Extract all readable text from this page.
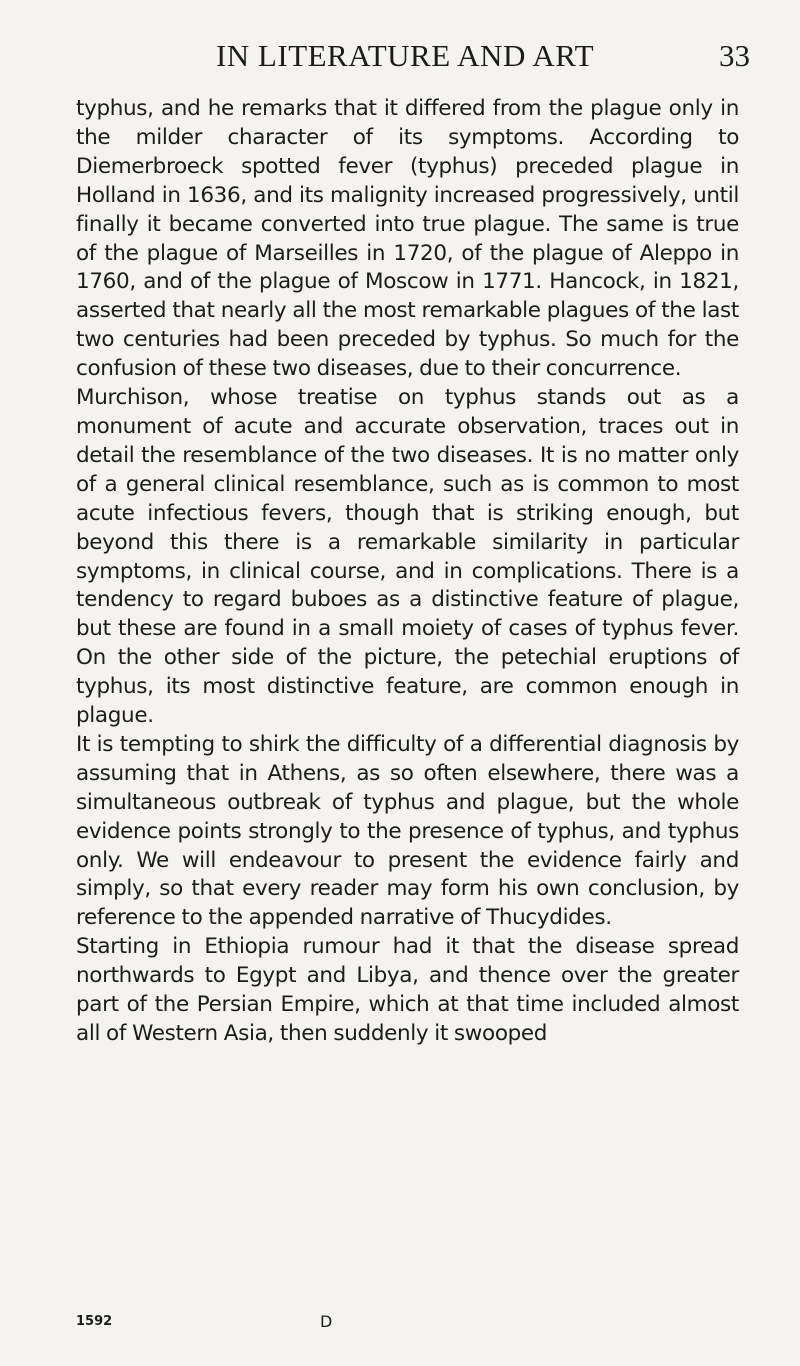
IN LITERATURE AND ART	33

typhus, and he remarks that it differed from the plague only in the milder character of its symptoms. According to Diemerbroeck spotted fever (typhus) preceded plague in Holland in 1636, and its malignity increased progressively, until finally it became converted into true plague. The same is true of the plague of Marseilles in 1720, of the plague of Aleppo in 1760, and of the plague of Moscow in 1771. Hancock, in 1821, asserted that nearly all the most remarkable plagues of the last two centuries had been preceded by typhus. So much for the confusion of these two diseases, due to their concurrence.

Murchison, whose treatise on typhus stands out as a monument of acute and accurate observation, traces out in detail the resemblance of the two diseases. It is no matter only of a general clinical resemblance, such as is common to most acute infectious fevers, though that is striking enough, but beyond this there is a remarkable similarity in particular symptoms, in clinical course, and in complications. There is a tendency to regard buboes as a distinctive feature of plague, but these are found in a small moiety of cases of typhus fever. On the other side of the picture, the petechial eruptions of typhus, its most distinctive feature, are common enough in plague.

It is tempting to shirk the difficulty of a differential diagnosis by assuming that in Athens, as so often elsewhere, there was a simultaneous outbreak of typhus and plague, but the whole evidence points strongly to the presence of typhus, and typhus only. We will endeavour to present the evidence fairly and simply, so that every reader may form his own conclusion, by reference to the appended narrative of Thucydides.

Starting in Ethiopia rumour had it that the disease spread northwards to Egypt and Libya, and thence over the greater part of the Persian Empire, which at that time included almost all of Western Asia, then suddenly it swooped

1592	D
